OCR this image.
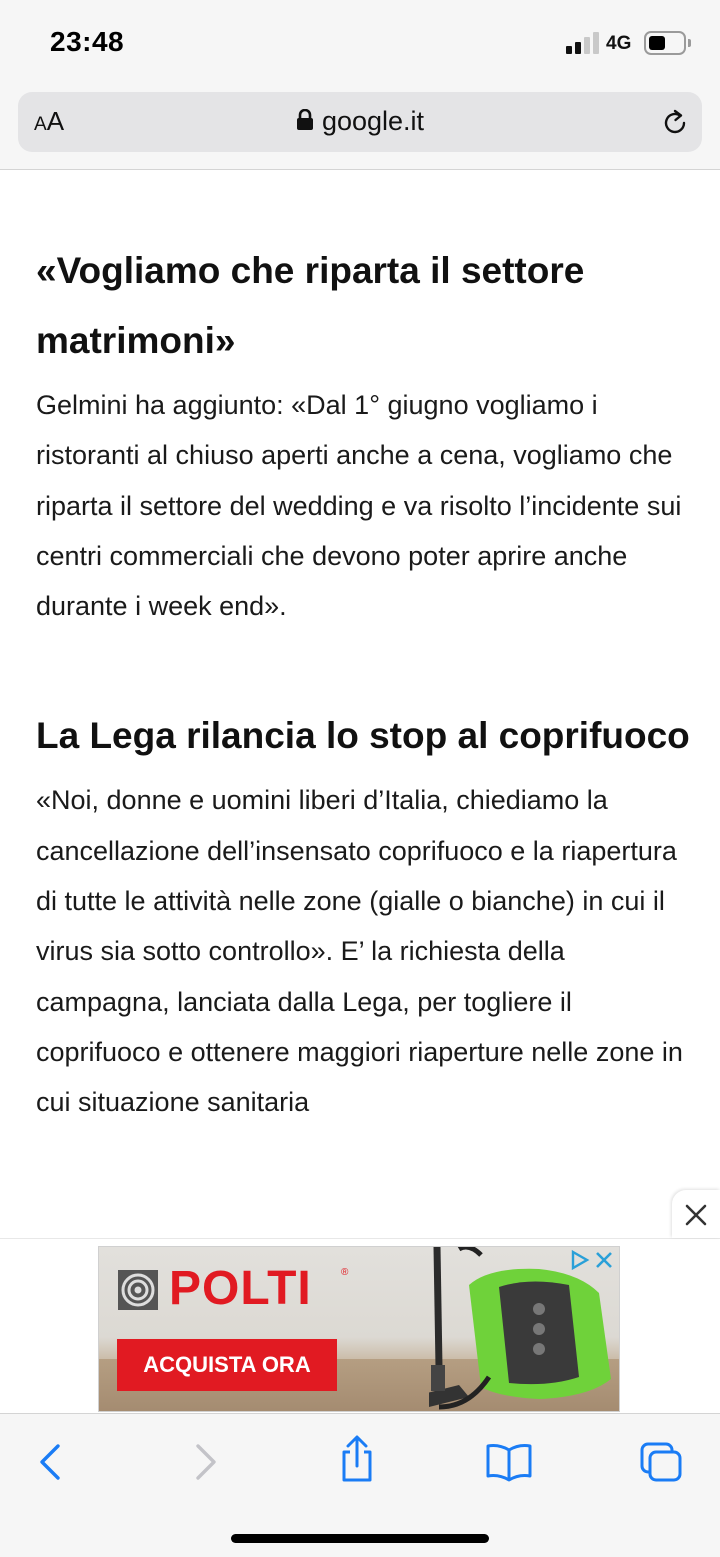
23:48	4G
AA	google.it
«Vogliamo che riparta il settore matrimoni»

Gelmini ha aggiunto: «Dal 1° giugno vogliamo i ristoranti al chiuso aperti anche a cena, vogliamo che riparta il settore del wedding e va risolto l’incidente sui centri commerciali che devono poter aprire anche durante i week end».

La Lega rilancia lo stop al coprifuoco

«Noi, donne e uomini liberi d’Italia, chiediamo la cancellazione dell’insensato coprifuoco e la riapertura di tutte le attività nelle zone (gialle o bianche) in cui il virus sia sotto controllo». E’ la richiesta della campagna, lanciata dalla Lega, per togliere il coprifuoco e ottenere maggiori riaperture nelle zone in cui situazione sanitaria

POLTI	®
ACQUISTA ORA
